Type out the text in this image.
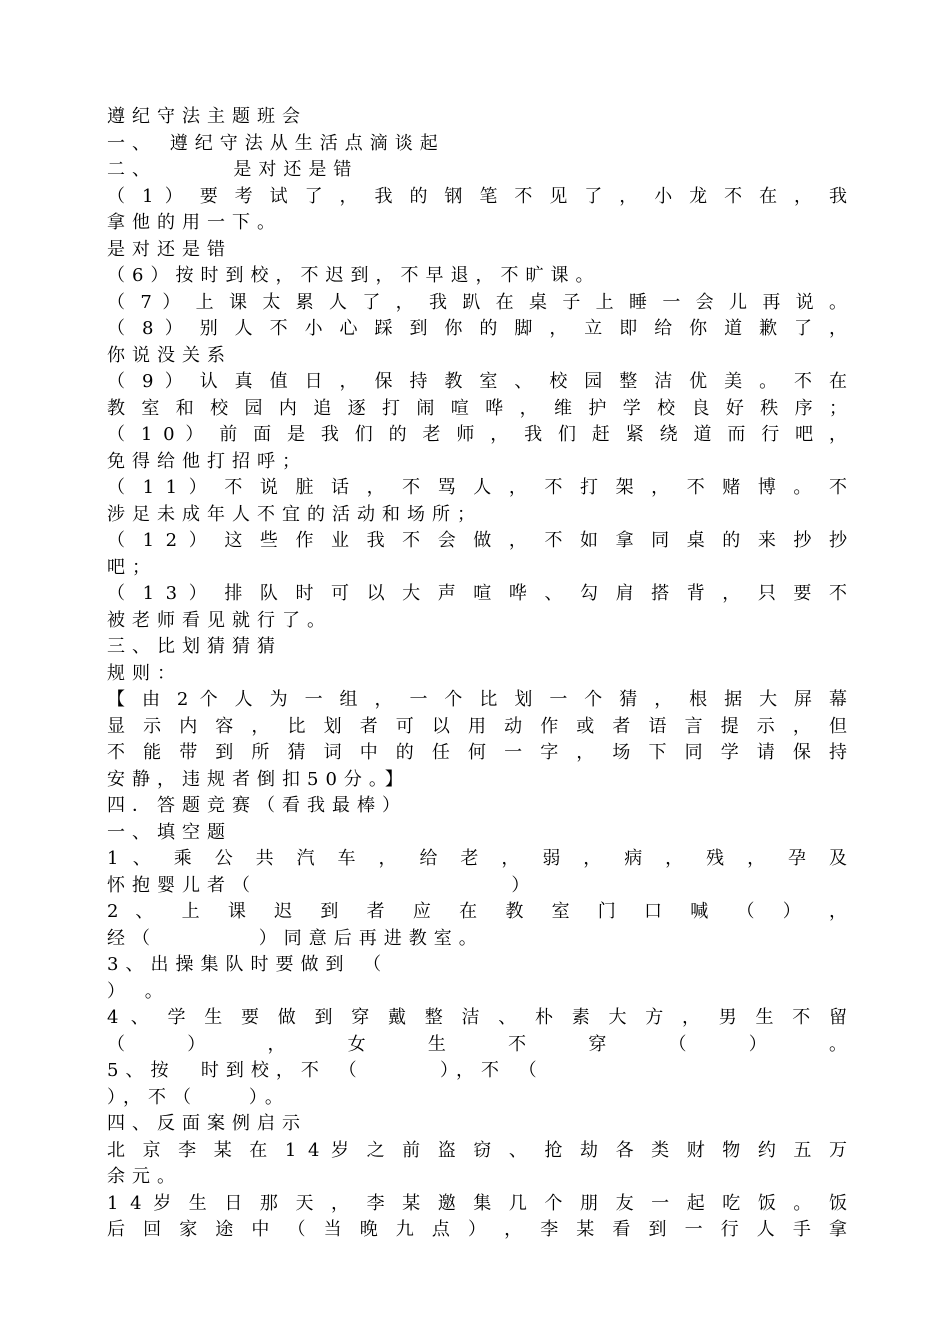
遵纪守法主题班会
一、 遵纪守法从生活点滴谈起
二、      是对还是错
（ 1 ） 要 考 试 了 ， 我 的 钢 笔 不 见 了 ， 小 龙 不 在 ， 我
拿他的用一下。
是对还是错
（6）按时到校，不迟到，不早退，不旷课。
（ 7 ） 上 课 太 累 人 了 ， 我 趴 在 桌 子 上 睡 一 会 儿 再 说 。
（ 8 ） 别 人 不 小 心 踩 到 你 的 脚 ， 立 即 给 你 道 歉 了 ，
你说没关系
（ 9 ） 认 真 值 日 ， 保 持 教 室 、 校 园 整 洁 优 美 。 不 在
教 室 和 校 园 内 追 逐 打 闹 喧 哗 ， 维 护 学 校 良 好 秩 序 ；
（ 1 0 ） 前 面 是 我 们 的 老 师 ， 我 们 赶 紧 绕 道 而 行 吧 ，
免得给他打招呼；
（ 1 1 ） 不 说 脏 话 ， 不 骂 人 ， 不 打 架 ， 不 赌 博 。 不
涉足未成年人不宜的活动和场所；
（ 1 2 ） 这 些 作 业 我 不 会 做 ， 不 如 拿 同 桌 的 来 抄 抄
吧；
（ 1 3 ） 排 队 时 可 以 大 声 喧 哗 、 勾 肩 搭 背 ， 只 要 不
被老师看见就行了。
三、比划猜猜猜
规则：
【 由 2 个 人 为 一 组 ， 一 个 比 划 一 个 猜 ， 根 据 大 屏 幕
显 示 内 容 ， 比 划 者 可 以 用 动 作 或 者 语 言 提 示 ， 但
不 能 带 到 所 猜 词 中 的 任 何 一 字 ， 场 下 同 学 请 保 持
安静，违规者倒扣50分。】
四．答题竞赛（看我最棒）
一、填空题
1 、 乘 公 共 汽 车 ， 给 老 ， 弱 ， 病 ， 残 ， 孕 及
怀抱婴儿者（                    ）
2 、 上 课 迟 到 者 应 在 教 室 门 口 喊 （ ） ，
经（        ）同意后再进教室。
3、出操集队时要做到 （
） 。
4 、 学 生 要 做 到 穿 戴 整 洁 、 朴 素 大 方 ， 男 生 不 留
（ ） ， 女 生 不 穿 （ ） 。
5、按  时到校，不 （      ），不 （
），不（    ）。
四、反面案例启示
北 京 李 某 在 1 4 岁 之 前 盗 窃 、 抢 劫 各 类 财 物 约 五 万
余元。
1 4 岁 生 日 那 天 ， 李 某 邀 集 几 个 朋 友 一 起 吃 饭 。 饭
后 回 家 途 中 （ 当 晚 九 点 ） ， 李 某 看 到 一 行 人 手 拿
